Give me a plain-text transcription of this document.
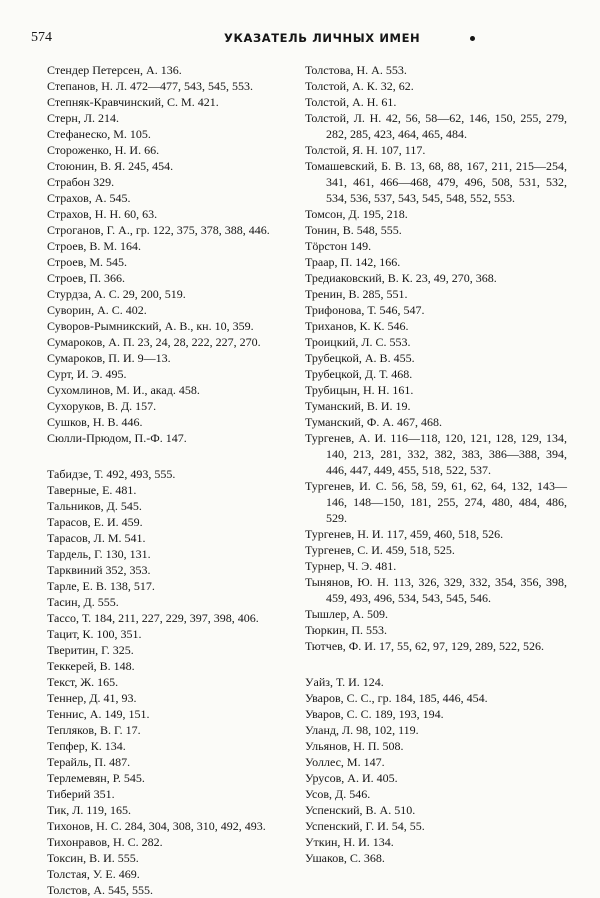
574	УКАЗАТЕЛЬ ЛИЧНЫХ ИМЕН
Стендер Петерсен, А. 136.
Степанов, Н. Л. 472—477, 543, 545, 553.
Степняк-Кравчинский, С. М. 421.
Стерн, Л. 214.
Стефанеско, М. 105.
Стороженко, Н. И. 66.
Стоюнин, В. Я. 245, 454.
Страбон 329.
Страхов, А. 545.
Страхов, Н. Н. 60, 63.
Строганов, Г. А., гр. 122, 375, 378, 388, 446.
Строев, В. М. 164.
Строев, М. 545.
Строев, П. 366.
Стурдза, А. С. 29, 200, 519.
Суворин, А. С. 402.
Суворов-Рымникский, А. В., кн. 10, 359.
Сумароков, А. П. 23, 24, 28, 222, 227, 270.
Сумароков, П. И. 9—13.
Сурт, И. Э. 495.
Сухомлинов, М. И., акад. 458.
Сухоруков, В. Д. 157.
Сушков, Н. В. 446.
Сюлли-Прюдом, П.-Ф. 147.
Табидзе, Т. 492, 493, 555.
Таверные, Е. 481.
Тальников, Д. 545.
Тарасов, Е. И. 459.
Тарасов, Л. М. 541.
Тардель, Г. 130, 131.
Тарквиний 352, 353.
Тарле, Е. В. 138, 517.
Тасин, Д. 555.
Тассо, Т. 184, 211, 227, 229, 397, 398, 406.
Тацит, К. 100, 351.
Тверитин, Г. 325.
Теккерей, В. 148.
Текст, Ж. 165.
Теннер, Д. 41, 93.
Теннис, А. 149, 151.
Тепляков, В. Г. 17.
Тепфер, К. 134.
Терайль, П. 487.
Терлемевян, Р. 545.
Тиберий 351.
Тик, Л. 119, 165.
Тихонов, Н. С. 284, 304, 308, 310, 492, 493.
Тихонравов, Н. С. 282.
Токсин, В. И. 555.
Толстая, У. Е. 469.
Толстов, А. 545, 555.
Толстова, Н. А. 553.
Толстой, А. К. 32, 62.
Толстой, А. Н. 61.
Толстой, Л. Н. 42, 56, 58—62, 146, 150, 255, 279, 282, 285, 423, 464, 465, 484.
Толстой, Я. Н. 107, 117.
Томашевский, Б. В. 13, 68, 88, 167, 211, 215—254, 341, 461, 466—468, 479, 496, 508, 531, 532, 534, 536, 537, 543, 545, 548, 552, 553.
Томсон, Д. 195, 218.
Тонин, В. 548, 555.
Тöрстон 149.
Траар, П. 142, 166.
Тредиаковский, В. К. 23, 49, 270, 368.
Тренин, В. 285, 551.
Трифонова, Т. 546, 547.
Триханов, К. К. 546.
Троицкий, Л. С. 553.
Трубецкой, А. В. 455.
Трубецкой, Д. Т. 468.
Трубицын, Н. Н. 161.
Туманский, В. И. 19.
Туманский, Ф. А. 467, 468.
Тургенев, А. И. 116—118, 120, 121, 128, 129, 134, 140, 213, 281, 332, 382, 383, 386—388, 394, 446, 447, 449, 455, 518, 522, 537.
Тургенев, И. С. 56, 58, 59, 61, 62, 64, 132, 143—146, 148—150, 181, 255, 274, 480, 484, 486, 529.
Тургенев, Н. И. 117, 459, 460, 518, 526.
Тургенев, С. И. 459, 518, 525.
Турнер, Ч. Э. 481.
Тынянов, Ю. Н. 113, 326, 329, 332, 354, 356, 398, 459, 493, 496, 534, 543, 545, 546.
Тышлер, А. 509.
Тюркин, П. 553.
Тютчев, Ф. И. 17, 55, 62, 97, 129, 289, 522, 526.
Уайз, Т. И. 124.
Уваров, С. С., гр. 184, 185, 446, 454.
Уваров, С. С. 189, 193, 194.
Уланд, Л. 98, 102, 119.
Ульянов, Н. П. 508.
Уоллес, М. 147.
Урусов, А. И. 405.
Усов, Д. 546.
Успенский, В. А. 510.
Успенский, Г. И. 54, 55.
Уткин, Н. И. 134.
Ушаков, С. 368.
